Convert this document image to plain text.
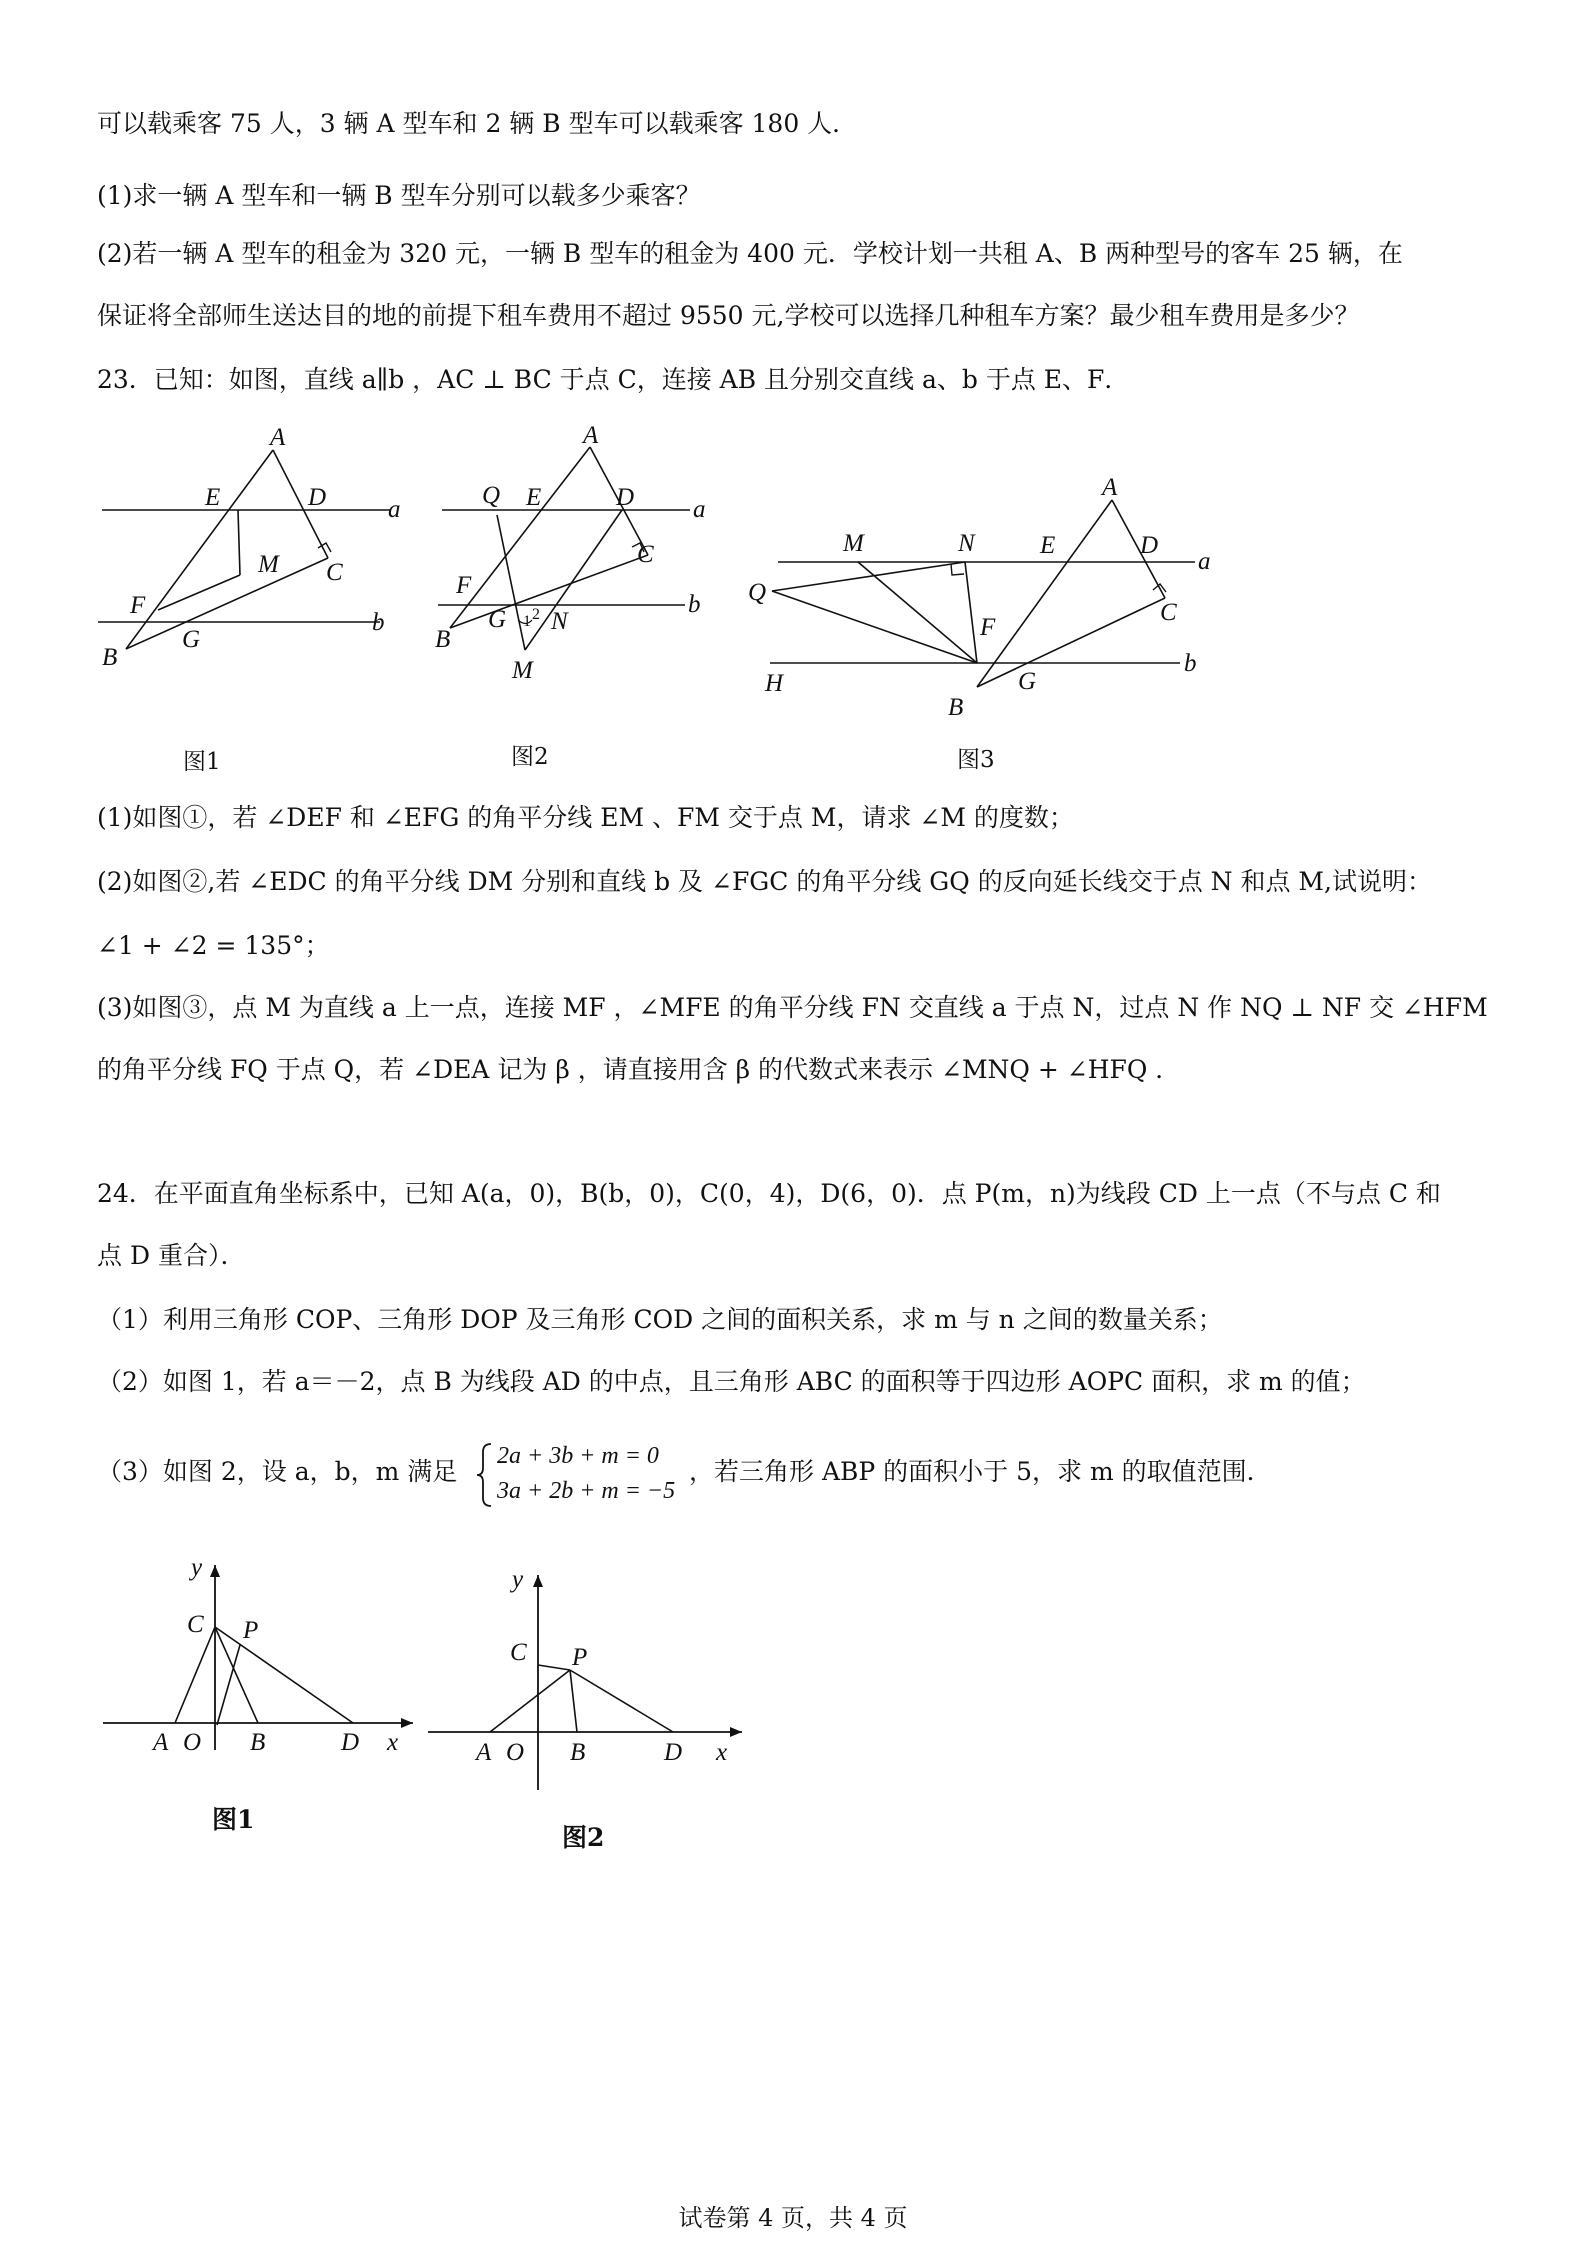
可以载乘客 75 人，3 辆 A 型车和 2 辆 B 型车可以载乘客 180 人．
(1)求一辆 A 型车和一辆 B 型车分别可以载多少乘客？
(2)若一辆 A 型车的租金为 320 元，一辆 B 型车的租金为 400 元．学校计划一共租 A、B 两种型号的客车 25 辆，在
保证将全部师生送达目的地的前提下租车费用不超过 9550 元,学校可以选择几种租车方案？最少租车费用是多少？
23．已知：如图，直线 a∥b ，AC ⊥ BC 于点 C，连接 AB 且分别交直线 a、b 于点 E、F．
A
E	D a
M C
F
G
b
B
图1
A
Q E	D a
C
F
b
G 1 2 N
B
M
图2
A
M	N	E	D
a
Q
C
F
H	G
b
B
图3
(1)如图①，若 ∠DEF 和 ∠EFG 的角平分线 EM 、FM 交于点 M，请求 ∠M 的度数；
(2)如图②,若 ∠EDC 的角平分线 DM 分别和直线 b 及 ∠FGC 的角平分线 GQ 的反向延长线交于点 N 和点 M,试说明：
∠1 + ∠2 = 135°；
(3)如图③，点 M 为直线 a 上一点，连接 MF ，∠MFE 的角平分线 FN 交直线 a 于点 N，过点 N 作 NQ ⊥ NF 交 ∠HFM
的角平分线 FQ 于点 Q，若 ∠DEA 记为 β ，请直接用含 β 的代数式来表示 ∠MNQ + ∠HFQ ．
24．在平面直角坐标系中，已知 A(a，0)，B(b，0)，C(0，4)，D(6，0)．点 P(m，n)为线段 CD 上一点（不与点 C 和
点 D 重合）．
（1）利用三角形 COP、三角形 DOP 及三角形 COD 之间的面积关系，求 m 与 n 之间的数量关系；
（2）如图 1，若 a＝－2，点 B 为线段 AD 的中点，且三角形 ABC 的面积等于四边形 AOPC 面积，求 m 的值；
（3）如图 2，设 a，b，m 满足
2a + 3b + m = 0
3a + 2b + m = −5
，若三角形 ABP 的面积小于 5，求 m 的取值范围．
y
C P
A O B	D x
图1
y
C P
A O B	D x
图2
试卷第 4 页，共 4 页
